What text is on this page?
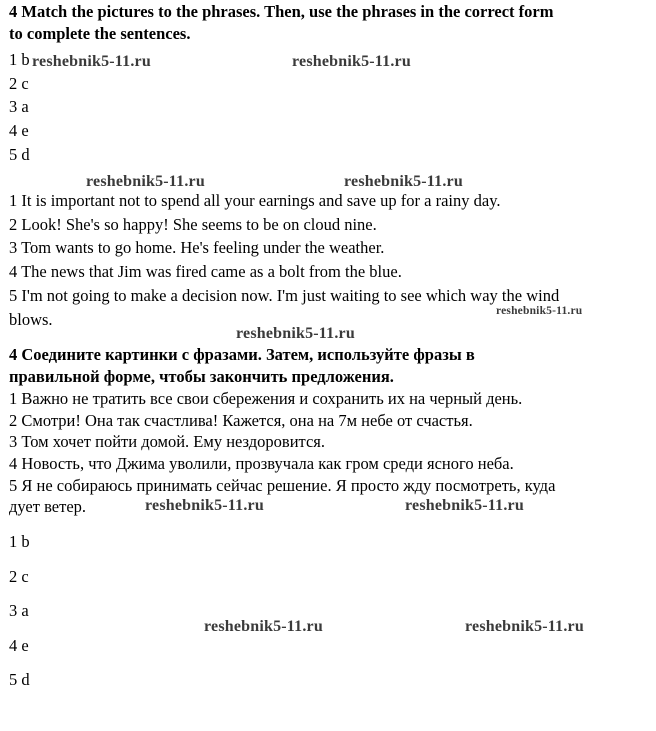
4 Match the pictures to the phrases. Then, use the phrases in the correct form
to complete the sentences.
1 b
2 c
3 a
4 e
5 d
1 It is important not to spend all your earnings and save up for a rainy day.
2 Look! She's so happy! She seems to be on cloud nine.
3 Tom wants to go home. He's feeling under the weather.
4 The news that Jim was fired came as a bolt from the blue.
5 I'm not going to make a decision now. I'm just waiting to see which way the wind
blows.
4 Соедините картинки с фразами. Затем, используйте фразы в
правильной форме, чтобы закончить предложения.
1 Важно не тратить все свои сбережения и сохранить их на черный день.
2 Смотри! Она так счастлива! Кажется, она на 7м небе от счастья.
3 Том хочет пойти домой. Ему нездоровится.
4 Новость, что Джима уволили, прозвучала как гром среди ясного неба.
5 Я не собираюсь принимать сейчас решение. Я просто жду посмотреть, куда
дует ветер.
1 b
2 c
3 a
4 e
5 d
reshebnik5-11.ru	reshebnik5-11.ru
reshebnik5-11.ru	reshebnik5-11.ru
reshebnik5-11.ru
reshebnik5-11.ru
reshebnik5-11.ru	reshebnik5-11.ru
reshebnik5-11.ru	reshebnik5-11.ru
